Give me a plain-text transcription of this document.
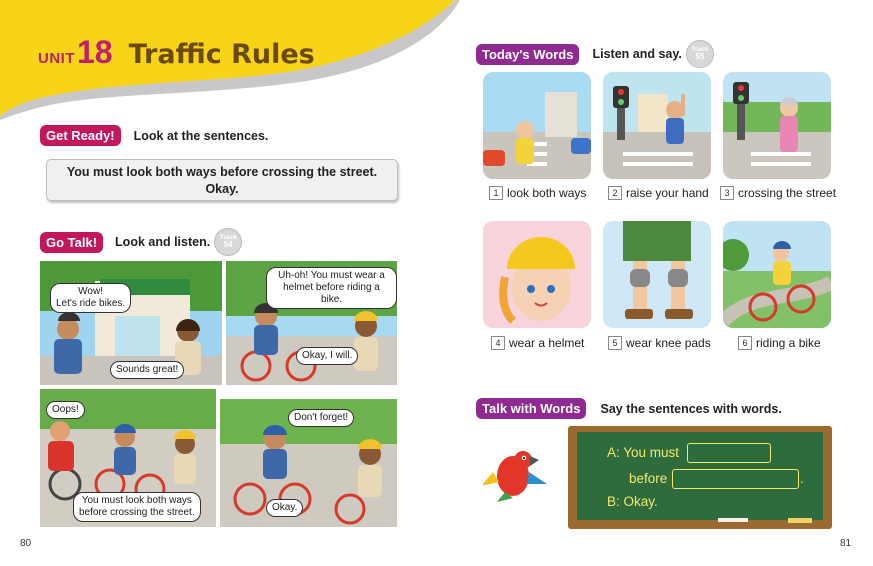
UNIT 18 Traffic Rules
Get Ready!	Look at the sentences.
You must look both ways before crossing the street.
Okay.
Go Talk!	Look and listen. Track
54
Wow!
Let's ride bikes.
Sounds great!
Uh-oh! You must wear a
helmet before riding a bike.
Okay, I will.
Oops!
You must look both ways
before crossing the street.
Don't forget!
Okay.
80
Today's Words	Listen and say. Track
55
1 look both ways	2 raise your hand	3 crossing the street
4 wear a helmet	5 wear knee pads	6 riding a bike
Talk with Words	Say the sentences with words.
A: You must
before	.
B: Okay.
81
